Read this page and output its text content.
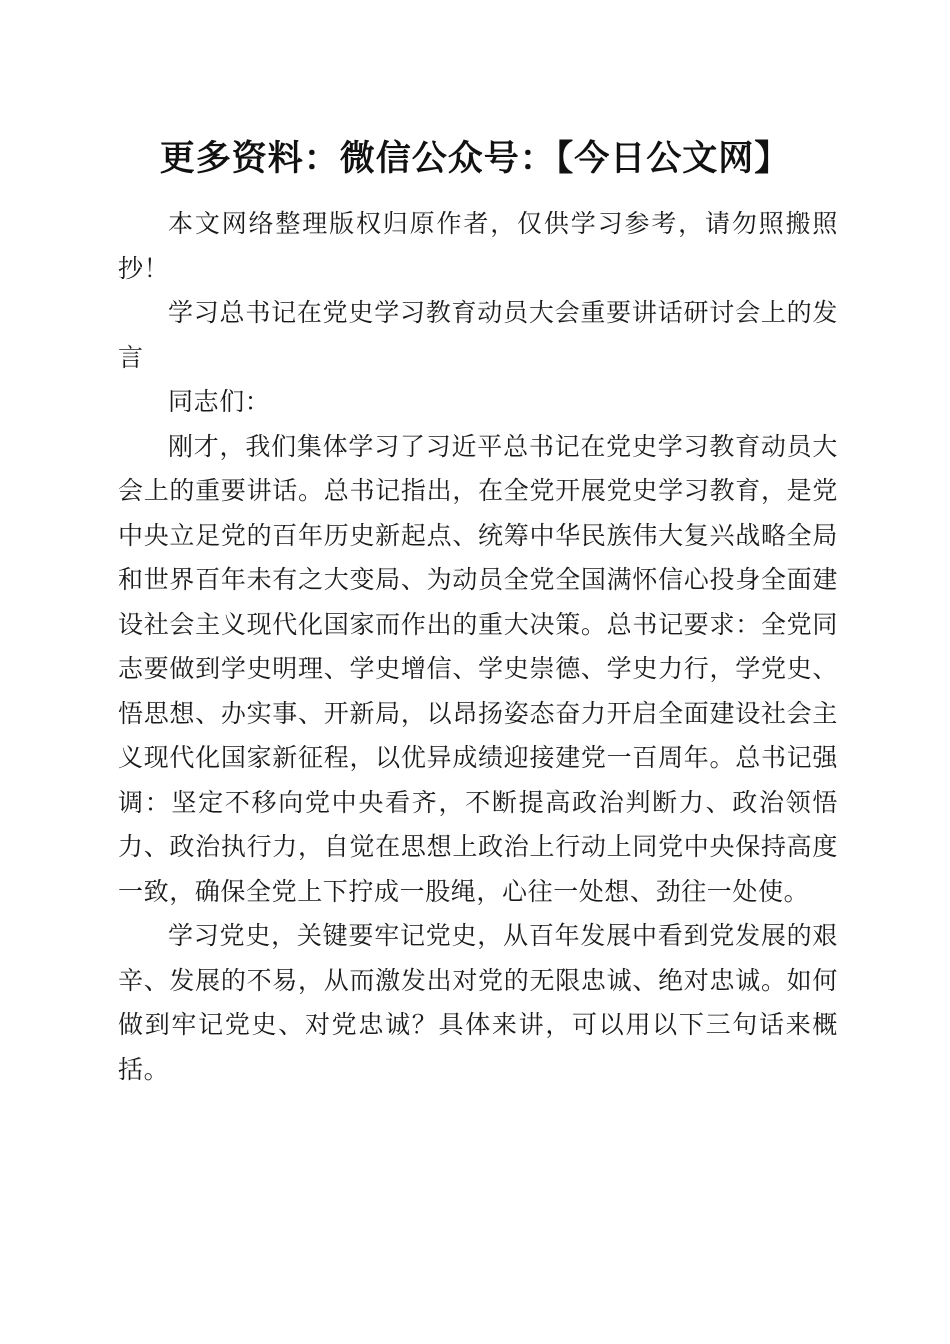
更多资料：微信公众号：【今日公文网】

本文网络整理版权归原作者，仅供学习参考，请勿照搬照抄！

学习总书记在党史学习教育动员大会重要讲话研讨会上的发言

同志们：

刚才，我们集体学习了习近平总书记在党史学习教育动员大会上的重要讲话。总书记指出，在全党开展党史学习教育，是党中央立足党的百年历史新起点、统筹中华民族伟大复兴战略全局和世界百年未有之大变局、为动员全党全国满怀信心投身全面建设社会主义现代化国家而作出的重大决策。总书记要求：全党同志要做到学史明理、学史增信、学史崇德、学史力行，学党史、悟思想、办实事、开新局，以昂扬姿态奋力开启全面建设社会主义现代化国家新征程，以优异成绩迎接建党一百周年。总书记强调：坚定不移向党中央看齐，不断提高政治判断力、政治领悟力、政治执行力，自觉在思想上政治上行动上同党中央保持高度一致，确保全党上下拧成一股绳，心往一处想、劲往一处使。

学习党史，关键要牢记党史，从百年发展中看到党发展的艰辛、发展的不易，从而激发出对党的无限忠诚、绝对忠诚。如何做到牢记党史、对党忠诚？具体来讲，可以用以下三句话来概括。
